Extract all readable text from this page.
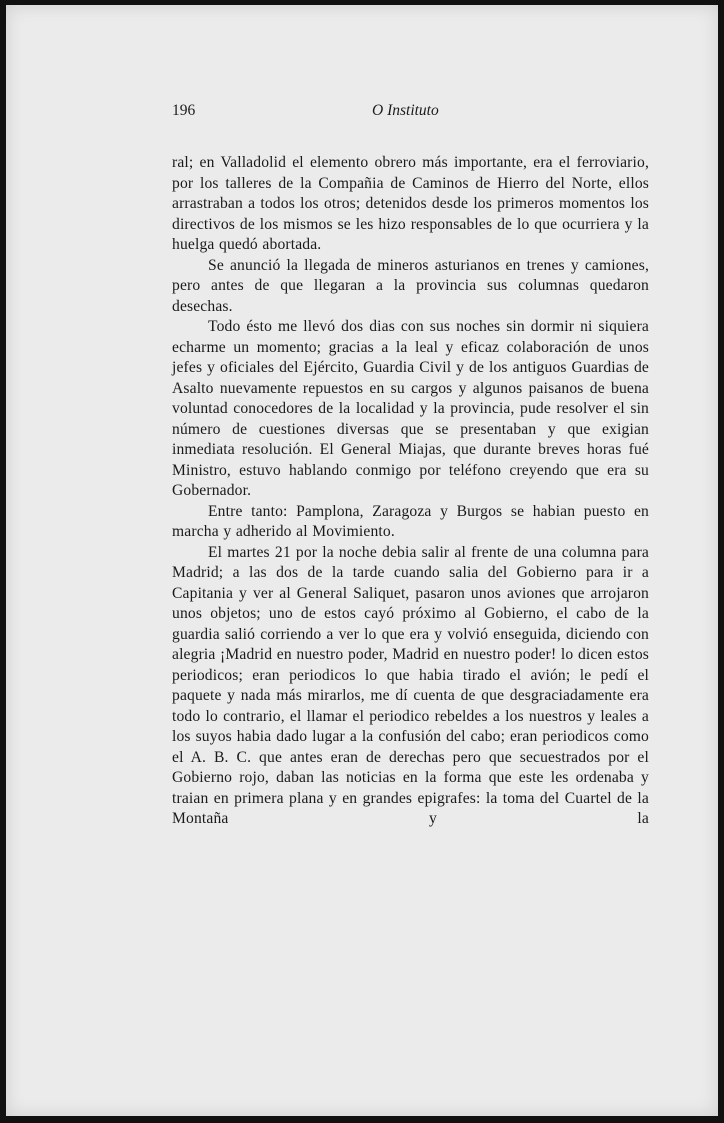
196	O Instituto

ral; en Valladolid el elemento obrero más importante, era el ferroviario, por los talleres de la Compañia de Caminos de Hierro del Norte, ellos arrastraban a todos los otros; detenidos desde los primeros momentos los directivos de los mismos se les hizo responsables de lo que ocurriera y la huelga quedó abortada.

Se anunció la llegada de mineros asturianos en trenes y camiones, pero antes de que llegaran a la provincia sus columnas quedaron desechas.

Todo ésto me llevó dos dias con sus noches sin dormir ni siquiera echarme un momento; gracias a la leal y eficaz colaboración de unos jefes y oficiales del Ejército, Guardia Civil y de los antiguos Guardias de Asalto nuevamente repuestos en su cargos y algunos paisanos de buena voluntad conocedores de la localidad y la provincia, pude resolver el sin número de cuestiones diversas que se presentaban y que exigian inmediata resolución. El General Miajas, que durante breves horas fué Ministro, estuvo hablando conmigo por teléfono creyendo que era su Gobernador.

Entre tanto: Pamplona, Zaragoza y Burgos se habian puesto en marcha y adherido al Movimiento.

El martes 21 por la noche debia salir al frente de una columna para Madrid; a las dos de la tarde cuando salia del Gobierno para ir a Capitania y ver al General Saliquet, pasaron unos aviones que arrojaron unos objetos; uno de estos cayó próximo al Gobierno, el cabo de la guardia salió corriendo a ver lo que era y volvió enseguida, diciendo con alegria ¡Madrid en nuestro poder, Madrid en nuestro poder! lo dicen estos periodicos; eran periodicos lo que habia tirado el avión; le pedí el paquete y nada más mirarlos, me dí cuenta de que desgraciadamente era todo lo contrario, el llamar el periodico rebeldes a los nuestros y leales a los suyos habia dado lugar a la confusión del cabo; eran periodicos como el A. B. C. que antes eran de derechas pero que secuestrados por el Gobierno rojo, daban las noticias en la forma que este les ordenaba y traian en primera plana y en grandes epigrafes: la toma del Cuartel de la Montaña y la
